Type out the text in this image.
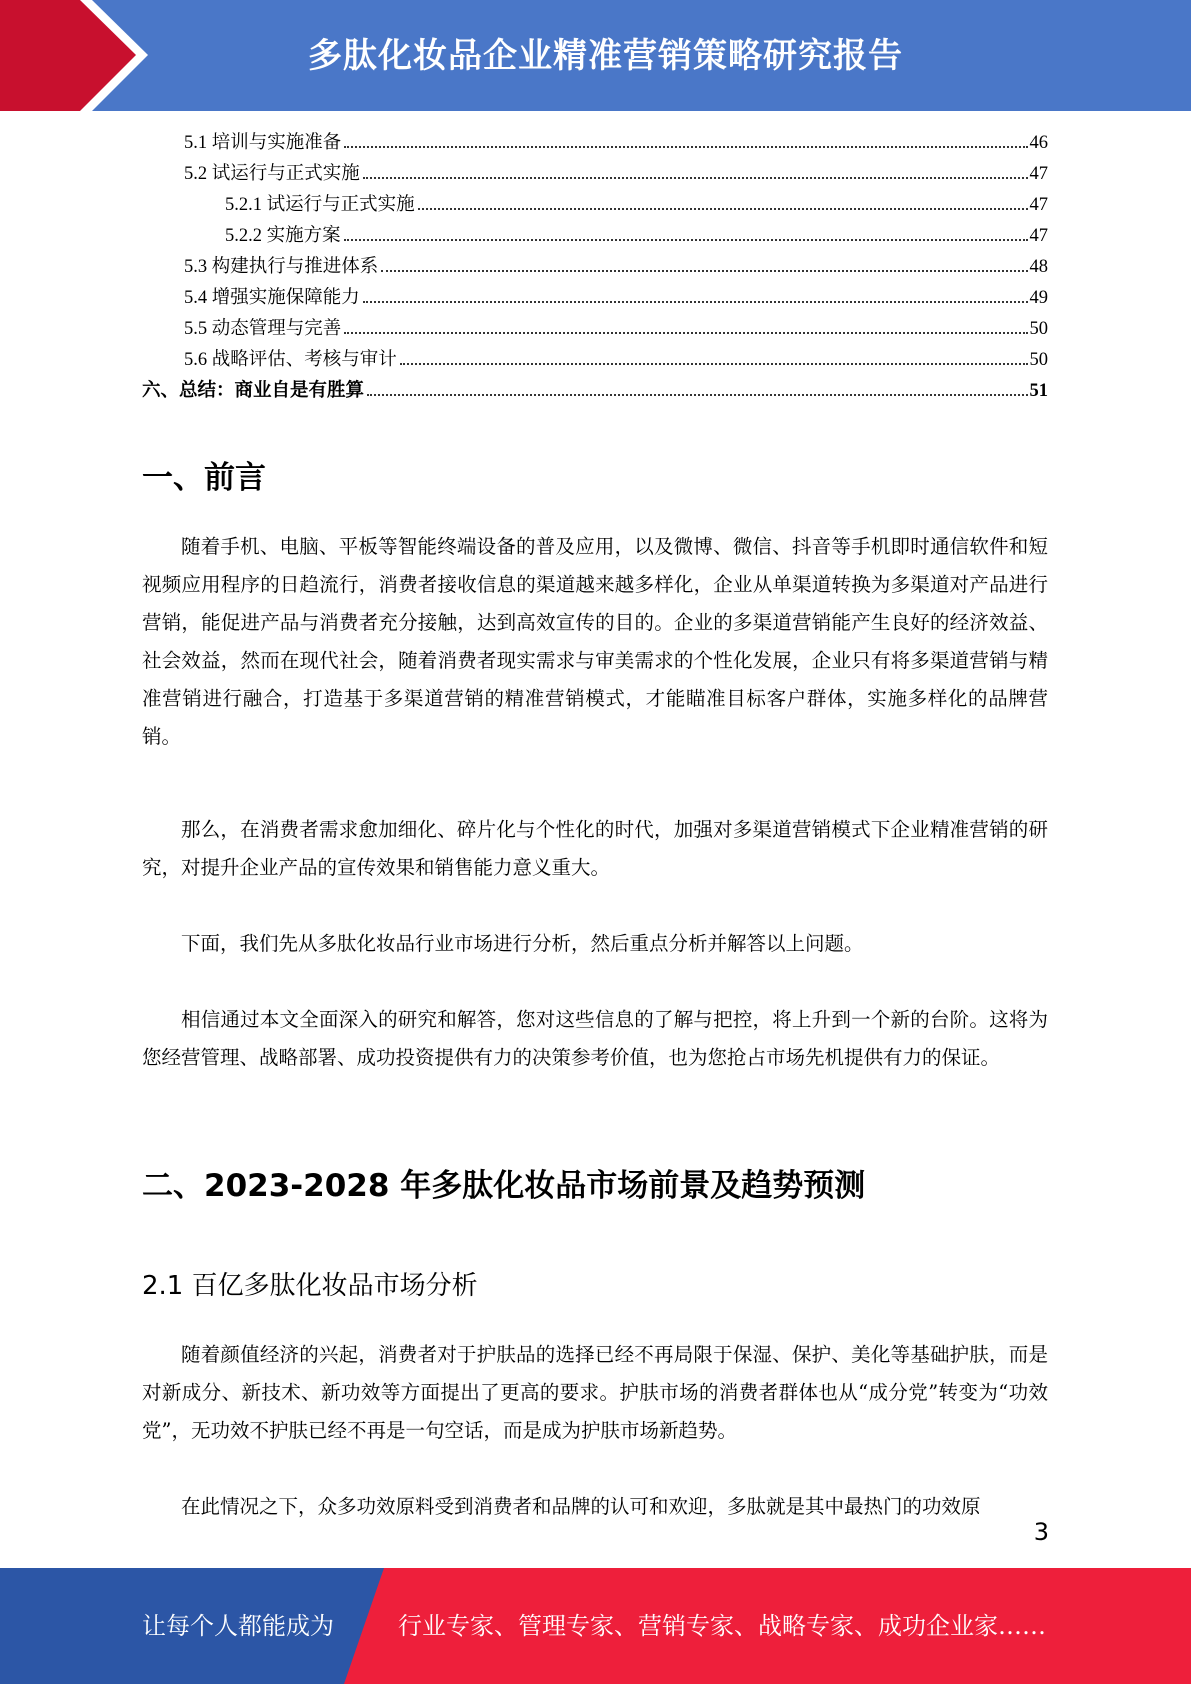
多肽化妆品企业精准营销策略研究报告
5.1 培训与实施准备	46
5.2 试运行与正式实施	47
5.2.1 试运行与正式实施	47
5.2.2 实施方案	47
5.3 构建执行与推进体系	48
5.4 增强实施保障能力	49
5.5 动态管理与完善	50
5.6 战略评估、考核与审计	50
六、总结：商业自是有胜算	51
一、前言

随着手机、电脑、平板等智能终端设备的普及应用，以及微博、微信、抖音等手机即时通信软件和短视频应用程序的日趋流行，消费者接收信息的渠道越来越多样化，企业从单渠道转换为多渠道对产品进行营销，能促进产品与消费者充分接触，达到高效宣传的目的。企业的多渠道营销能产生良好的经济效益、社会效益，然而在现代社会，随着消费者现实需求与审美需求的个性化发展，企业只有将多渠道营销与精准营销进行融合，打造基于多渠道营销的精准营销模式，才能瞄准目标客户群体，实施多样化的品牌营销。

那么，在消费者需求愈加细化、碎片化与个性化的时代，加强对多渠道营销模式下企业精准营销的研究，对提升企业产品的宣传效果和销售能力意义重大。

下面，我们先从多肽化妆品行业市场进行分析，然后重点分析并解答以上问题。

相信通过本文全面深入的研究和解答，您对这些信息的了解与把控，将上升到一个新的台阶。这将为您经营管理、战略部署、成功投资提供有力的决策参考价值，也为您抢占市场先机提供有力的保证。

二、2023-2028 年多肽化妆品市场前景及趋势预测
2.1 百亿多肽化妆品市场分析

随着颜值经济的兴起，消费者对于护肤品的选择已经不再局限于保湿、保护、美化等基础护肤，而是对新成分、新技术、新功效等方面提出了更高的要求。护肤市场的消费者群体也从“成分党”转变为“功效党”，无功效不护肤已经不再是一句空话，而是成为护肤市场新趋势。

在此情况之下，众多功效原料受到消费者和品牌的认可和欢迎，多肽就是其中最热门的功效原

3
让每个人都能成为	行业专家、管理专家、营销专家、战略专家、成功企业家……
